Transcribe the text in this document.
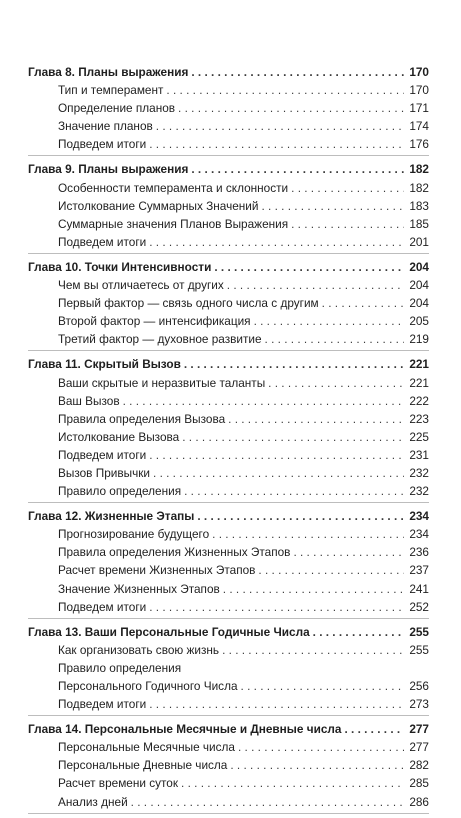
Глава 8. Планы выражения . . .	170
Тип и темперамент . . .	170
Определение планов . . .	171
Значение планов . . .	174
Подведем итоги . . .	176
Глава 9. Планы выражения . . .	182
Особенности темперамента и склонности . . .	182
Истолкование Суммарных Значений . . .	183
Суммарные значения Планов Выражения . . .	185
Подведем итоги . . .	201
Глава 10. Точки Интенсивности . . .	204
Чем вы отличаетесь от других . . .	204
Первый фактор — связь одного числа с другим . . .	204
Второй фактор — интенсификация . . .	205
Третий фактор — духовное развитие . . .	219
Глава 11. Скрытый Вызов . . .	221
Ваши скрытые и неразвитые таланты . . .	221
Ваш Вызов . . .	222
Правила определения Вызова . . .	223
Истолкование Вызова . . .	225
Подведем итоги . . .	231
Вызов Привычки . . .	232
Правило определения . . .	232
Глава 12. Жизненные Этапы . . .	234
Прогнозирование будущего . . .	234
Правила определения Жизненных Этапов . . .	236
Расчет времени Жизненных Этапов . . .	237
Значение Жизненных Этапов . . .	241
Подведем итоги . . .	252
Глава 13. Ваши Персональные Годичные Числа . . .	255
Как организовать свою жизнь . . .	255
Правило определения
Персонального Годичного Числа . . .	256
Подведем итоги . . .	273
Глава 14. Персональные Месячные и Дневные числа . . .	277
Персональные Месячные числа . . .	277
Персональные Дневные числа . . .	282
Расчет времени суток . . .	285
Анализ дней . . .	286
